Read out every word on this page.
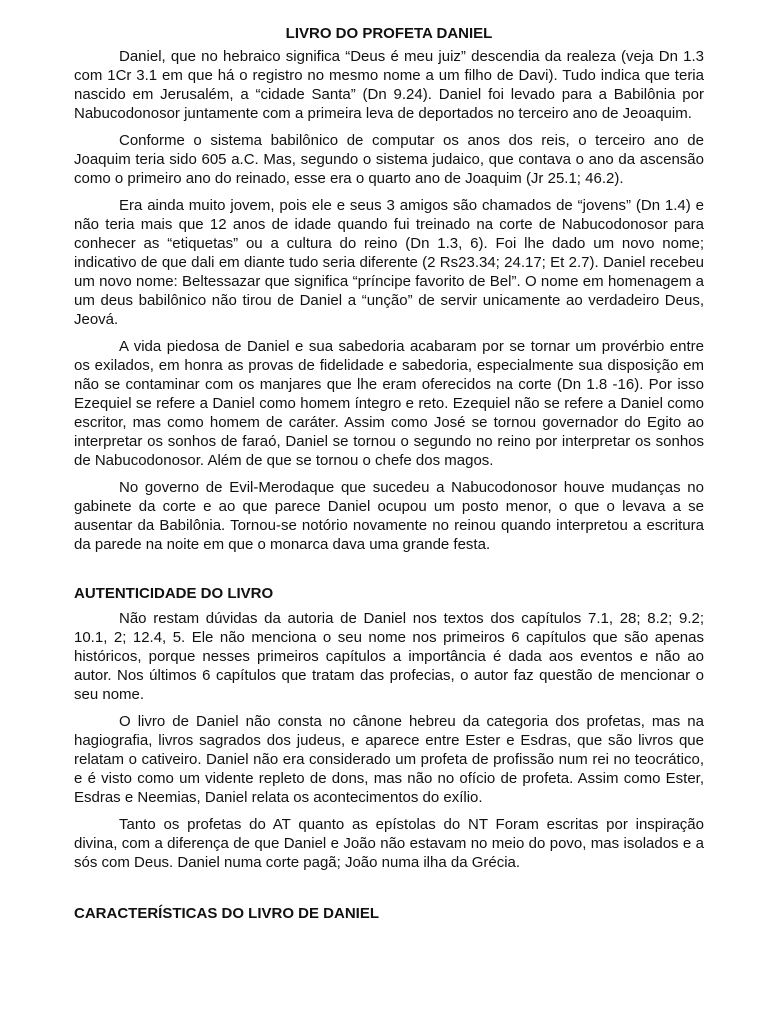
LIVRO DO PROFETA DANIEL

Daniel, que no hebraico significa “Deus é meu juiz” descendia da realeza (veja Dn 1.3 com 1Cr 3.1 em que há o registro no mesmo nome a um filho de Davi). Tudo indica que teria nascido em Jerusalém, a “cidade Santa” (Dn 9.24). Daniel foi levado para a Babilônia por Nabucodonosor juntamente com a primeira leva de deportados no terceiro ano de Jeoaquim.

Conforme o sistema babilônico de computar os anos dos reis, o terceiro ano de Joaquim teria sido 605 a.C. Mas, segundo o sistema judaico, que contava o ano da ascensão como o primeiro ano do reinado, esse era o quarto ano de Joaquim (Jr 25.1; 46.2).

Era ainda muito jovem, pois ele e seus 3 amigos são chamados de “jovens” (Dn 1.4) e não teria mais que 12 anos de idade quando fui treinado na corte de Nabucodonosor para conhecer as “etiquetas” ou a cultura do reino (Dn 1.3, 6). Foi lhe dado um novo nome; indicativo de que dali em diante tudo seria diferente (2 Rs23.34; 24.17; Et 2.7). Daniel recebeu um novo nome: Beltessazar que significa “príncipe favorito de Bel”. O nome em homenagem a um deus babilônico não tirou de Daniel a “unção” de servir unicamente ao verdadeiro Deus, Jeová.

A vida piedosa de Daniel e sua sabedoria acabaram por se tornar um provérbio entre os exilados, em honra as provas de fidelidade e sabedoria, especialmente sua disposição em não se contaminar com os manjares que lhe eram oferecidos na corte (Dn 1.8 -16). Por isso Ezequiel se refere a Daniel como homem íntegro e reto. Ezequiel não se refere a Daniel como escritor, mas como homem de caráter. Assim como José se tornou governador do Egito ao interpretar os sonhos de faraó, Daniel se tornou o segundo no reino por interpretar os sonhos de Nabucodonosor. Além de que se tornou o chefe dos magos.

No governo de Evil-Merodaque que sucedeu a Nabucodonosor houve mudanças no gabinete da corte e ao que parece Daniel ocupou um posto menor, o que o levava a se ausentar da Babilônia. Tornou-se notório novamente no reinou quando interpretou a escritura da parede na noite em que o monarca dava uma grande festa.

AUTENTICIDADE DO LIVRO

Não restam dúvidas da autoria de Daniel nos textos dos capítulos 7.1, 28; 8.2; 9.2; 10.1, 2; 12.4, 5. Ele não menciona o seu nome nos primeiros 6 capítulos que são apenas históricos, porque nesses primeiros capítulos a importância é dada aos eventos e não ao autor. Nos últimos 6 capítulos que tratam das profecias, o autor faz questão de mencionar o seu nome.

O livro de Daniel não consta no cânone hebreu da categoria dos profetas, mas na hagiografia, livros sagrados dos judeus, e aparece entre Ester e Esdras, que são livros que relatam o cativeiro. Daniel não era considerado um profeta de profissão num rei no teocrático, e é visto como um vidente repleto de dons, mas não no ofício de profeta. Assim como Ester, Esdras e Neemias, Daniel relata os acontecimentos do exílio.

Tanto os profetas do AT quanto as epístolas do NT Foram escritas por inspiração divina, com a diferença de que Daniel e João não estavam no meio do povo, mas isolados e a sós com Deus. Daniel numa corte pagã; João numa ilha da Grécia.

CARACTERÍSTICAS DO LIVRO DE DANIEL
